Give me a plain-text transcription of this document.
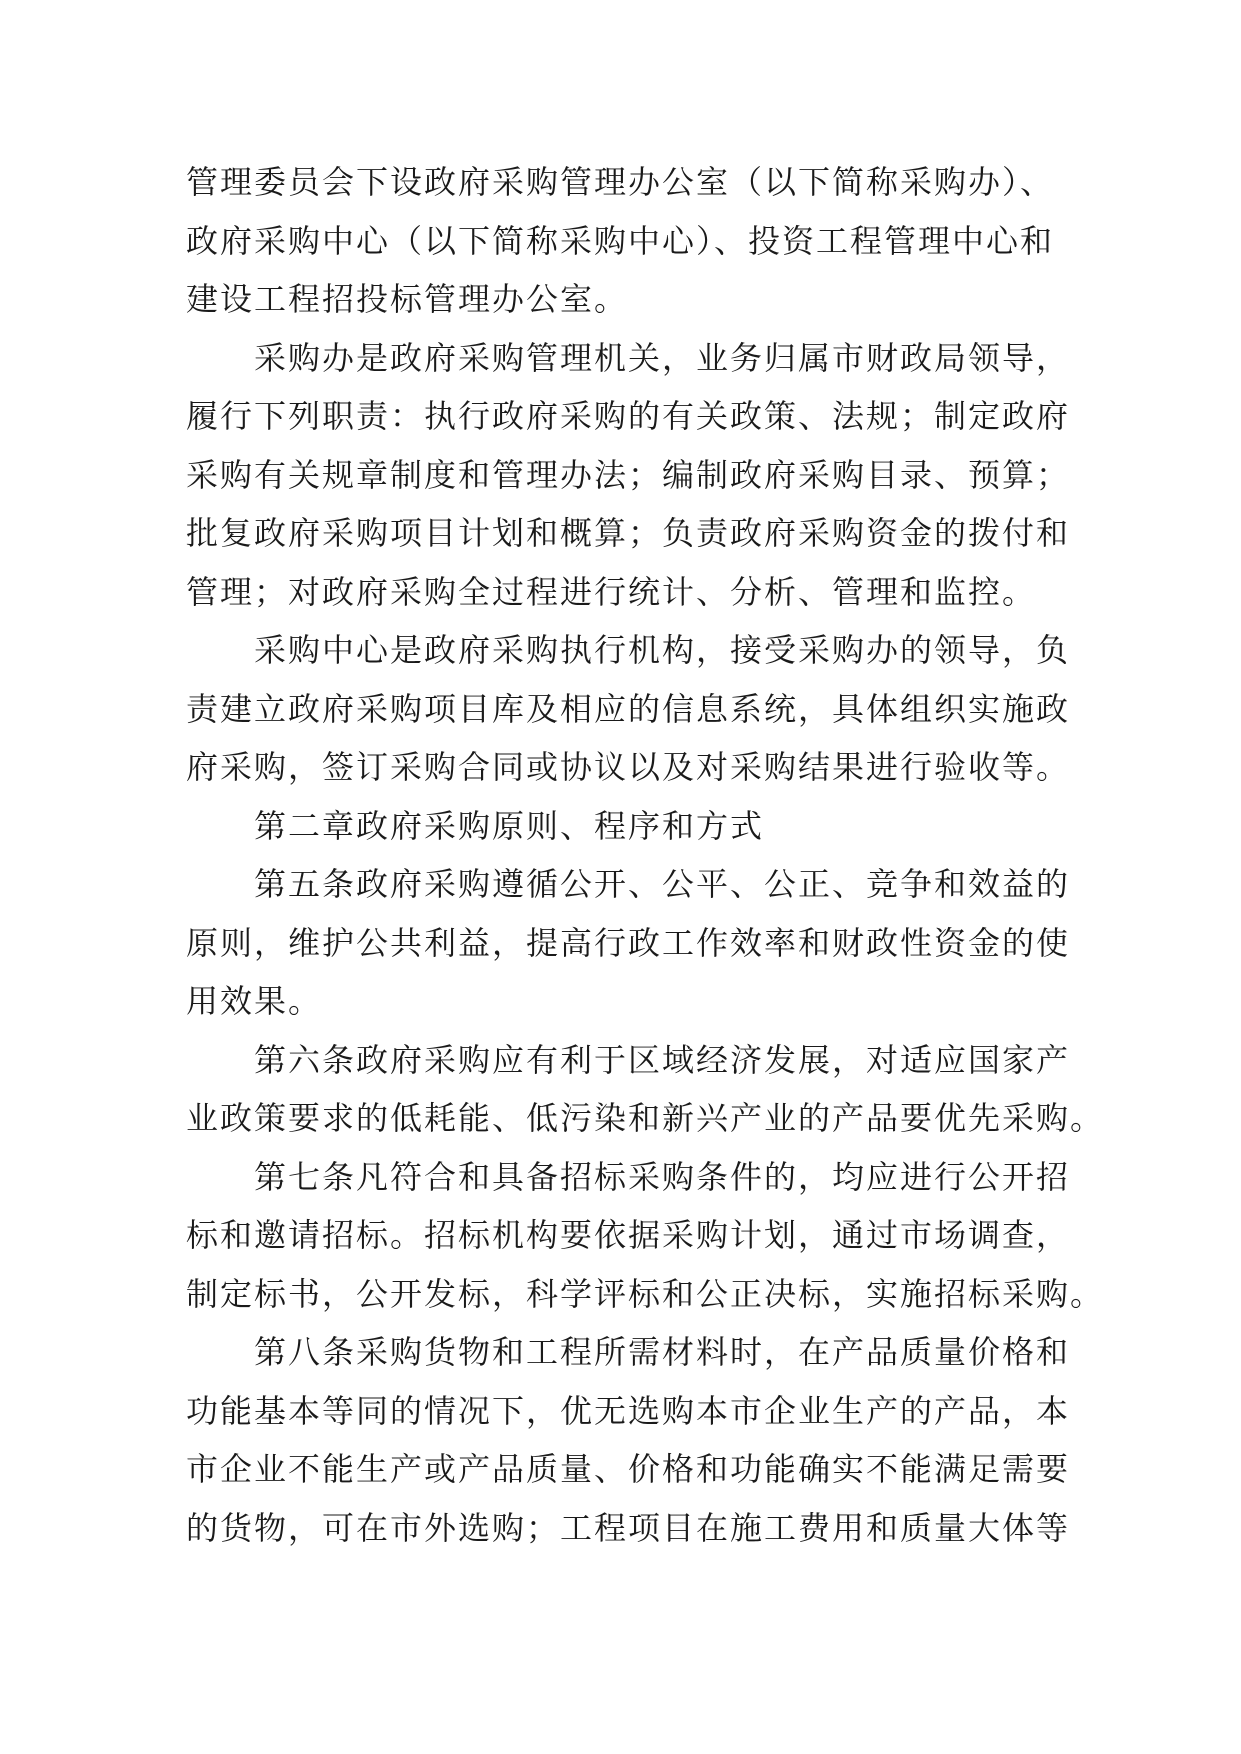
管理委员会下设政府采购管理办公室（以下简称采购办）、
政府采购中心（以下简称采购中心）、投资工程管理中心和
建设工程招投标管理办公室。
　　采购办是政府采购管理机关，业务归属市财政局领导，
履行下列职责：执行政府采购的有关政策、法规；制定政府
采购有关规章制度和管理办法；编制政府采购目录、预算；
批复政府采购项目计划和概算；负责政府采购资金的拨付和
管理；对政府采购全过程进行统计、分析、管理和监控。
　　采购中心是政府采购执行机构，接受采购办的领导，负
责建立政府采购项目库及相应的信息系统，具体组织实施政
府采购，签订采购合同或协议以及对采购结果进行验收等。
　　第二章政府采购原则、程序和方式
　　第五条政府采购遵循公开、公平、公正、竞争和效益的
原则，维护公共利益，提高行政工作效率和财政性资金的使
用效果。
　　第六条政府采购应有利于区域经济发展，对适应国家产
业政策要求的低耗能、低污染和新兴产业的产品要优先采购。
　　第七条凡符合和具备招标采购条件的，均应进行公开招
标和邀请招标。招标机构要依据采购计划，通过市场调查，
制定标书，公开发标，科学评标和公正决标，实施招标采购。
　　第八条采购货物和工程所需材料时，在产品质量价格和
功能基本等同的情况下，优无选购本市企业生产的产品，本
市企业不能生产或产品质量、价格和功能确实不能满足需要
的货物，可在市外选购；工程项目在施工费用和质量大体等
